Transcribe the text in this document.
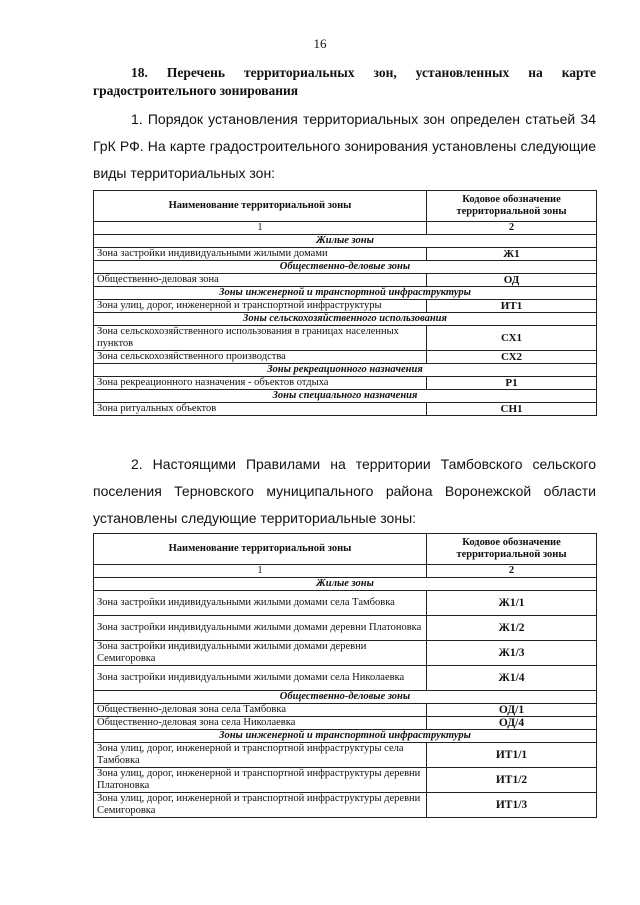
16
18. Перечень территориальных зон, установленных на карте градостроительного зонирования
1. Порядок установления территориальных зон определен статьей 34 ГрК РФ. На карте градостроительного зонирования установлены следующие виды территориальных зон:
Наименование территориальной зоны	Кодовое обозначение территориальной зоны
1	2
Жилые зоны	
Зона застройки индивидуальными жилыми домами	Ж1
Общественно-деловые зоны	
Общественно-деловая зона	ОД
Зоны инженерной и транспортной инфраструктуры	
Зона улиц, дорог, инженерной и транспортной инфраструктуры	ИТ1
Зоны сельскохозяйственного использования	
Зона сельскохозяйственного использования в границах населенных пунктов	СХ1
Зона сельскохозяйственного производства	СХ2
Зоны рекреационного назначения	
Зона рекреационного назначения - объектов отдыха	Р1
Зоны специального назначения	
Зона ритуальных объектов	СН1
2. Настоящими Правилами на территории Тамбовского сельского поселения Терновского муниципального района Воронежской области установлены следующие территориальные зоны:
Наименование территориальной зоны	Кодовое обозначение территориальной зоны
1	2
Жилые зоны	
Зона застройки индивидуальными жилыми домами села Тамбовка	Ж1/1
Зона застройки индивидуальными жилыми домами деревни Платоновка	Ж1/2
Зона застройки индивидуальными жилыми домами деревни Семигоровка	Ж1/3
Зона застройки индивидуальными жилыми домами села Николаевка	Ж1/4
Общественно-деловые зоны	
Общественно-деловая зона села Тамбовка	ОД/1
Общественно-деловая зона села Николаевка	ОД/4
Зоны инженерной и транспортной инфраструктуры	
Зона улиц, дорог, инженерной и транспортной инфраструктуры села Тамбовка	ИТ1/1
Зона улиц, дорог, инженерной и транспортной инфраструктуры деревни Платоновка	ИТ1/2
Зона улиц, дорог, инженерной и транспортной инфраструктуры деревни Семигоровка	ИТ1/3
